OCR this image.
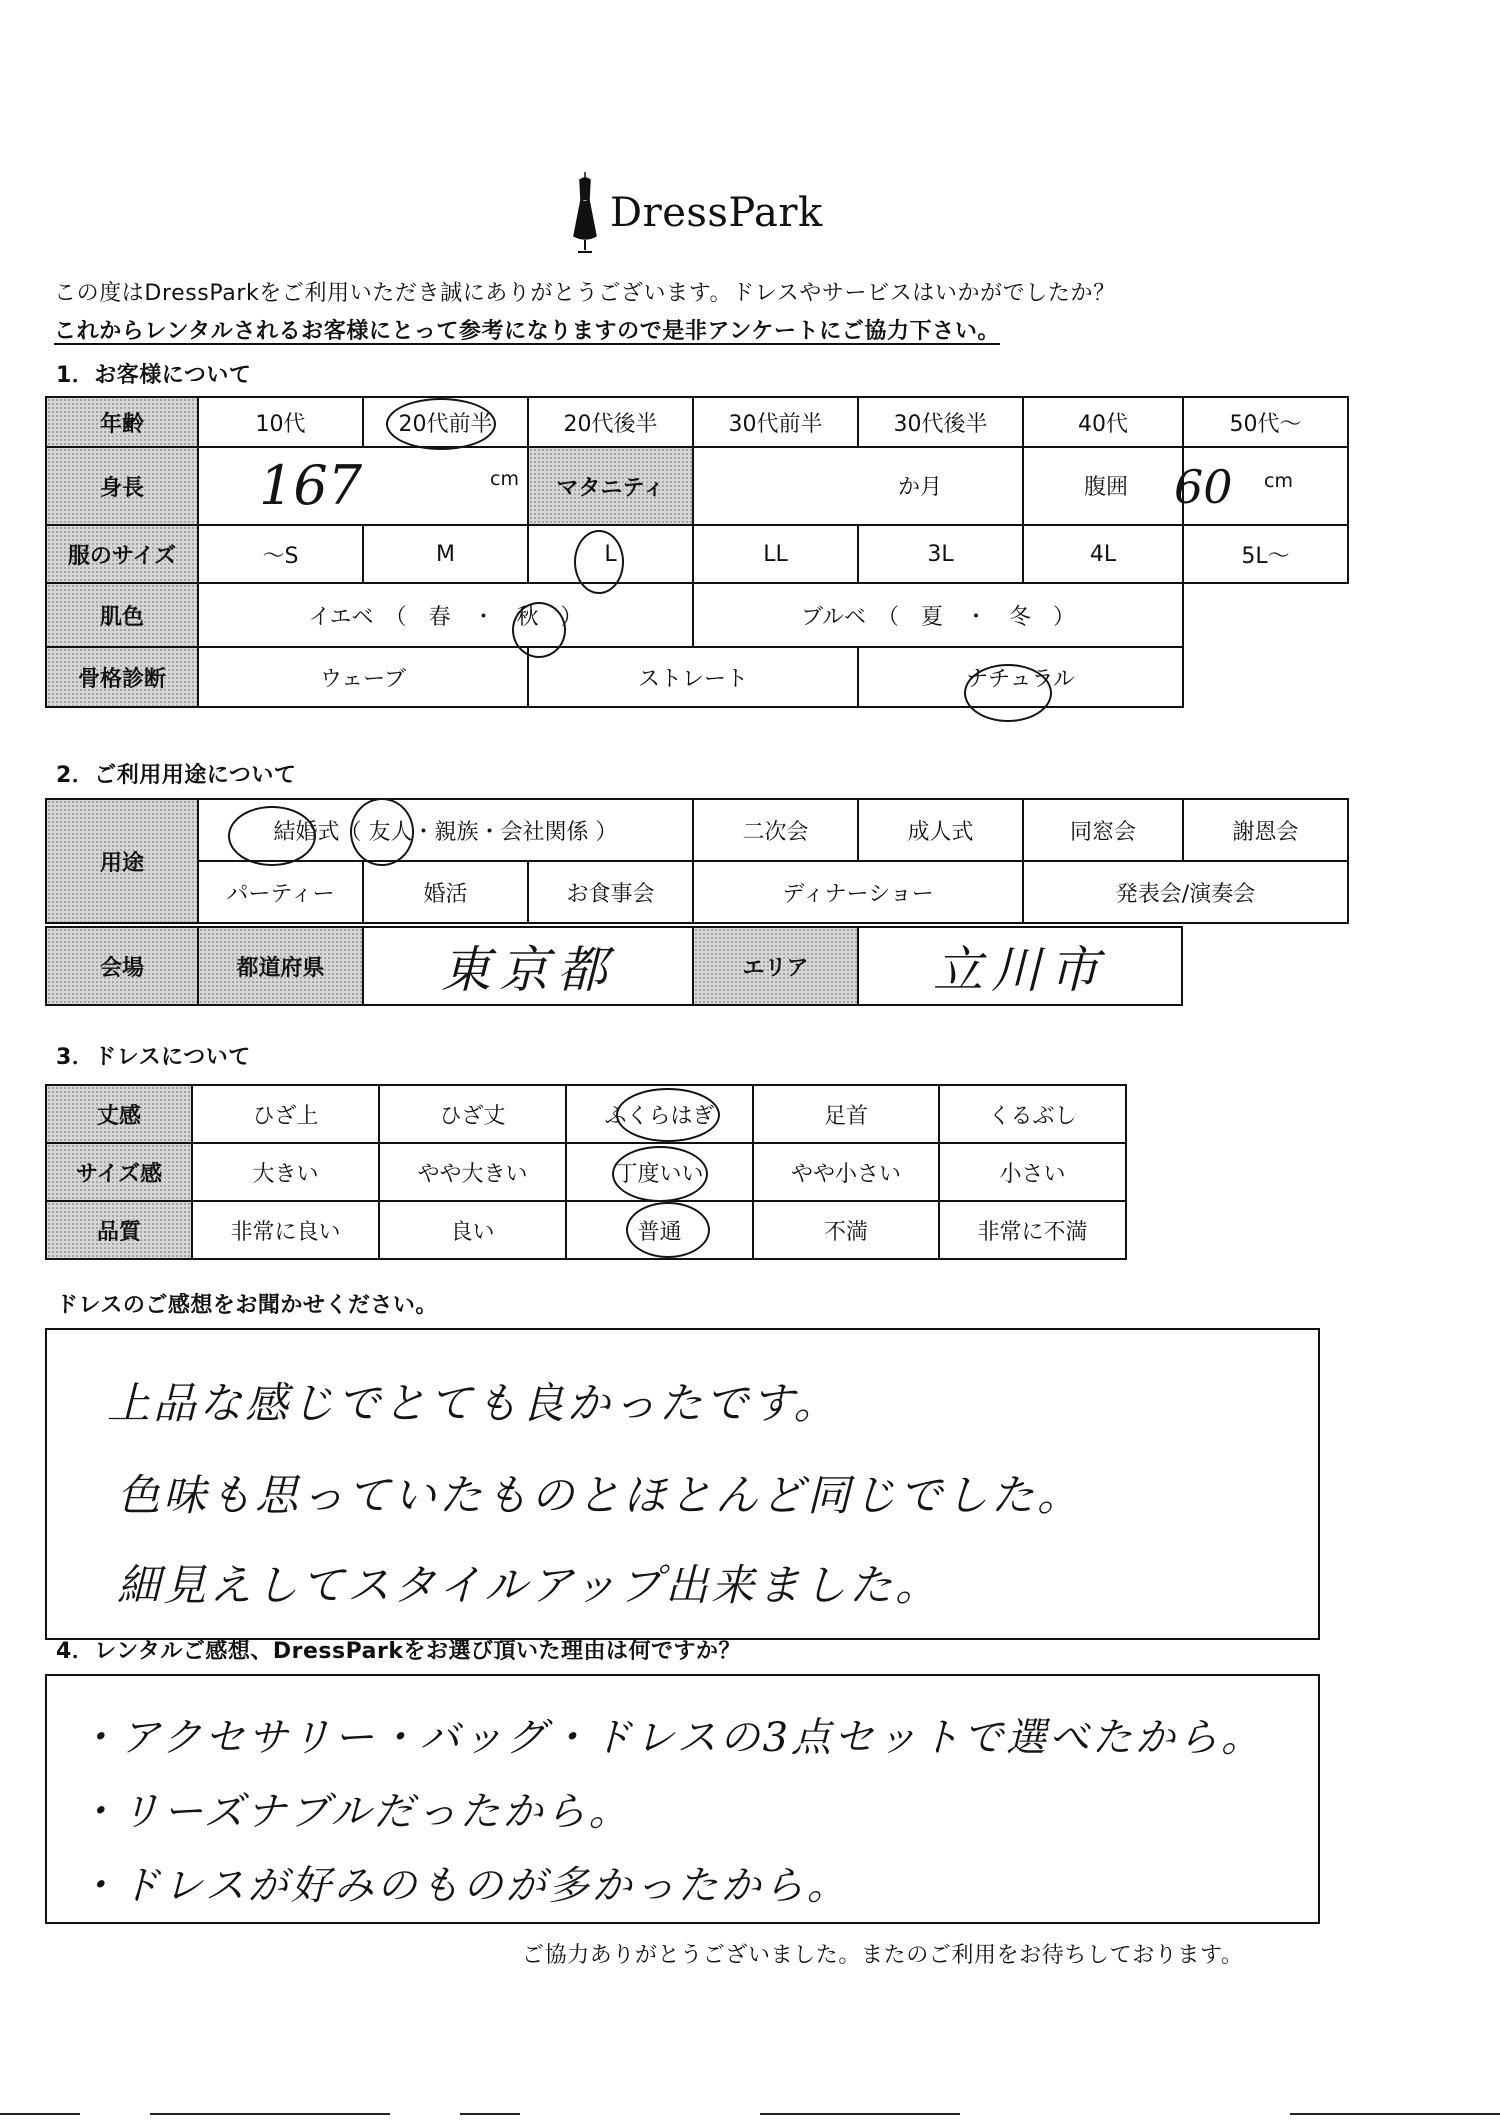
DressPark
この度はDressParkをご利用いただき誠にありがとうございます。ドレスやサービスはいかがでしたか？
これからレンタルされるお客様にとって参考になりますので是非アンケートにご協力下さい。
1．お客様について
年齢	10代	20代前半	20代後半	30代前半	30代後半	40代	50代～
身長	167 cm		マタニティ	か月		腹囲	60 cm

服のサイズ	～S	M	L	LL	3L	4L	5L～
肌色	イエベ　（　春　・　秋　）			ブルベ　（　夏　・　冬　）			
骨格診断	ウェーブ		ストレート		ナチュラル		
2．ご利用用途について
用途	結婚式（ 友人・親族・会社関係 ）			二次会	成人式	同窓会	謝恩会
	パーティー	婚活	お食事会	ディナーショー		発表会/演奏会	
会場	都道府県	東京都	エリア	立川市
3．ドレスについて
丈感	ひざ上	ひざ丈	ふくらはぎ	足首	くるぶし
サイズ感	大きい	やや大きい	丁度いい	やや小さい	小さい
品質	非常に良い	良い	普通	不満	非常に不満
ドレスのご感想をお聞かせください。
上品な感じでとても良かったです。
色味も思っていたものとほとんど同じでした。
細見えしてスタイルアップ出来ました。
4．レンタルご感想、DressParkをお選び頂いた理由は何ですか？
・アクセサリー・バッグ・ドレスの3点セットで選べたから。
・リーズナブルだったから。
・ドレスが好みのものが多かったから。
ご協力ありがとうございました。またのご利用をお待ちしております。
